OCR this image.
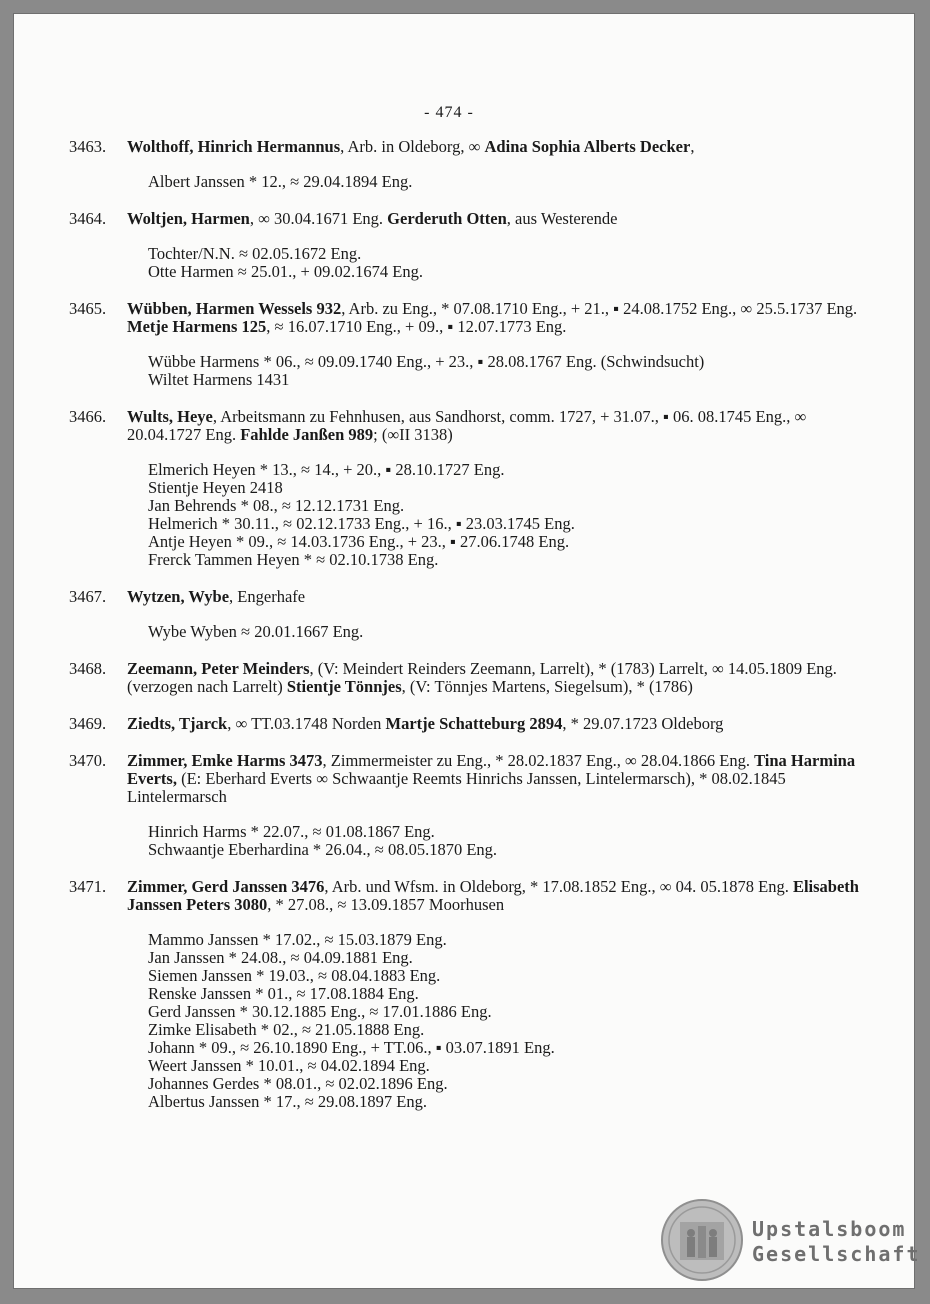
- 474 -
3463.	Wolthoff, Hinrich Hermannus, Arb. in Oldeborg, ∞ Adina Sophia Alberts Decker,
Albert Janssen * 12., ≈ 29.04.1894 Eng.
3464.	Woltjen, Harmen, ∞ 30.04.1671 Eng. Gerderuth Otten, aus Westerende
Tochter/N.N. ≈ 02.05.1672 Eng.
Otte Harmen ≈ 25.01., + 09.02.1674 Eng.
3465.	Wübben, Harmen Wessels 932, Arb. zu Eng., * 07.08.1710 Eng., + 21., ▪ 24.08.1752 Eng., ∞ 25.5.1737 Eng. Metje Harmens 125, ≈ 16.07.1710 Eng., + 09., ▪ 12.07.1773 Eng.
Wübbe Harmens * 06., ≈ 09.09.1740 Eng., + 23., ▪ 28.08.1767 Eng. (Schwindsucht)
Wiltet Harmens 1431
3466.	Wults, Heye, Arbeitsmann zu Fehnhusen, aus Sandhorst, comm. 1727, + 31.07., ▪ 06. 08.1745 Eng., ∞ 20.04.1727 Eng. Fahlde Janßen 989; (∞II 3138)
Elmerich Heyen * 13., ≈ 14., + 20., ▪ 28.10.1727 Eng.
Stientje Heyen 2418
Jan Behrends * 08., ≈ 12.12.1731 Eng.
Helmerich * 30.11., ≈ 02.12.1733 Eng., + 16., ▪ 23.03.1745 Eng.
Antje Heyen * 09., ≈ 14.03.1736 Eng., + 23., ▪ 27.06.1748 Eng.
Frerck Tammen Heyen * ≈ 02.10.1738 Eng.
3467.	Wytzen, Wybe, Engerhafe
Wybe Wyben ≈ 20.01.1667 Eng.
3468.	Zeemann, Peter Meinders, (V: Meindert Reinders Zeemann, Larrelt), * (1783) Larrelt, ∞ 14.05.1809 Eng. (verzogen nach Larrelt) Stientje Tönnjes, (V: Tönnjes Martens, Siegelsum), * (1786)
3469.	Ziedts, Tjarck, ∞ TT.03.1748 Norden Martje Schatteburg 2894, * 29.07.1723 Oldeborg
3470.	Zimmer, Emke Harms 3473, Zimmermeister zu Eng., * 28.02.1837 Eng., ∞ 28.04.1866 Eng. Tina Harmina Everts, (E: Eberhard Everts ∞ Schwaantje Reemts Hinrichs Janssen, Lintelermarsch), * 08.02.1845 Lintelermarsch
Hinrich Harms * 22.07., ≈ 01.08.1867 Eng.
Schwaantje Eberhardina * 26.04., ≈ 08.05.1870 Eng.
3471.	Zimmer, Gerd Janssen 3476, Arb. und Wfsm. in Oldeborg, * 17.08.1852 Eng., ∞ 04. 05.1878 Eng. Elisabeth Janssen Peters 3080, * 27.08., ≈ 13.09.1857 Moorhusen
Mammo Janssen * 17.02., ≈ 15.03.1879 Eng.
Jan Janssen * 24.08., ≈ 04.09.1881 Eng.
Siemen Janssen * 19.03., ≈ 08.04.1883 Eng.
Renske Janssen * 01., ≈ 17.08.1884 Eng.
Gerd Janssen * 30.12.1885 Eng., ≈ 17.01.1886 Eng.
Zimke Elisabeth * 02., ≈ 21.05.1888 Eng.
Johann * 09., ≈ 26.10.1890 Eng., + TT.06., ▪ 03.07.1891 Eng.
Weert Janssen * 10.01., ≈ 04.02.1894 Eng.
Johannes Gerdes * 08.01., ≈ 02.02.1896 Eng.
Albertus Janssen * 17., ≈ 29.08.1897 Eng.
Upstalsboom
Gesellschaft
